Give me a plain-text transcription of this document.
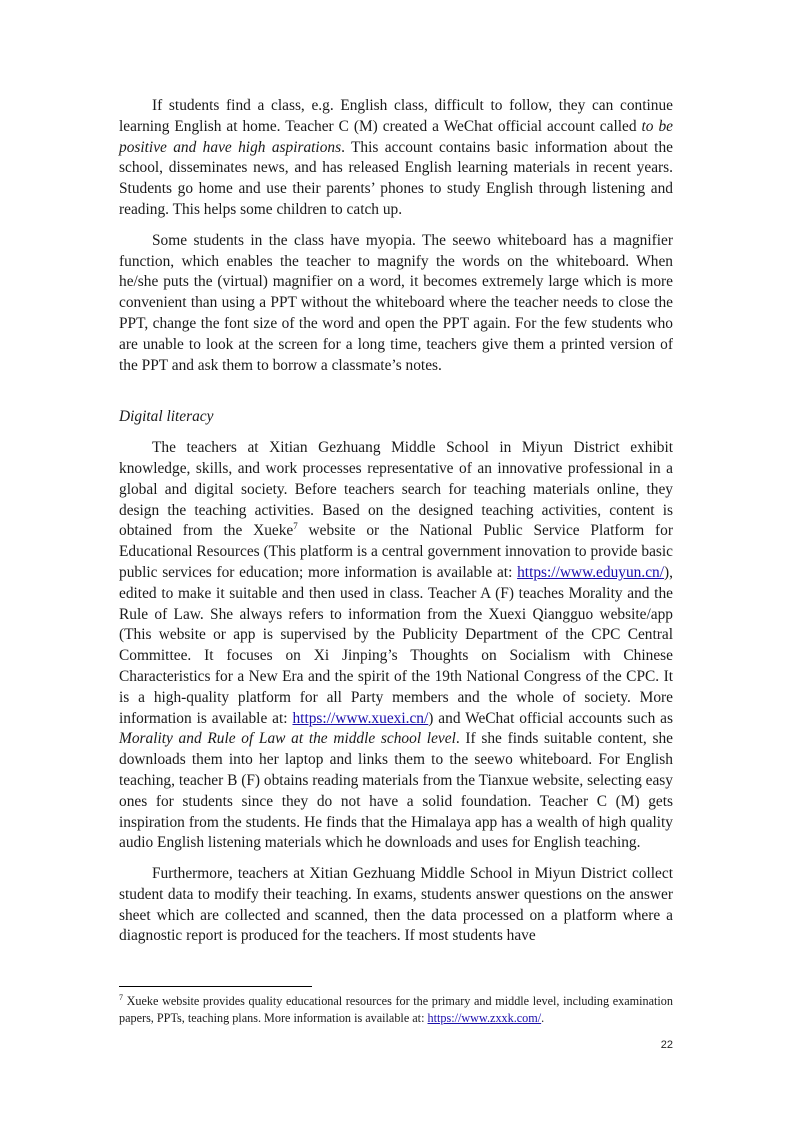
If students find a class, e.g. English class, difficult to follow, they can continue learning English at home. Teacher C (M) created a WeChat official account called to be positive and have high aspirations. This account contains basic information about the school, disseminates news, and has released English learning materials in recent years. Students go home and use their parents’ phones to study English through listening and reading. This helps some children to catch up.

Some students in the class have myopia. The seewo whiteboard has a magnifier function, which enables the teacher to magnify the words on the whiteboard. When he/she puts the (virtual) magnifier on a word, it becomes extremely large which is more convenient than using a PPT without the whiteboard where the teacher needs to close the PPT, change the font size of the word and open the PPT again. For the few students who are unable to look at the screen for a long time, teachers give them a printed version of the PPT and ask them to borrow a classmate’s notes.

Digital literacy

The teachers at Xitian Gezhuang Middle School in Miyun District exhibit knowledge, skills, and work processes representative of an innovative professional in a global and digital society. Before teachers search for teaching materials online, they design the teaching activities. Based on the designed teaching activities, content is obtained from the Xueke$^7$ website or the National Public Service Platform for Educational Resources (This platform is a central government innovation to provide basic public services for education; more information is available at: https://www.eduyun.cn/), edited to make it suitable and then used in class. Teacher A (F) teaches Morality and the Rule of Law. She always refers to information from the Xuexi Qiangguo website/app (This website or app is supervised by the Publicity Department of the CPC Central Committee. It focuses on Xi Jinping’s Thoughts on Socialism with Chinese Characteristics for a New Era and the spirit of the 19th National Congress of the CPC. It is a high-quality platform for all Party members and the whole of society. More information is available at: https://www.xuexi.cn/) and WeChat official accounts such as Morality and Rule of Law at the middle school level. If she finds suitable content, she downloads them into her laptop and links them to the seewo whiteboard. For English teaching, teacher B (F) obtains reading materials from the Tianxue website, selecting easy ones for students since they do not have a solid foundation. Teacher C (M) gets inspiration from the students. He finds that the Himalaya app has a wealth of high quality audio English listening materials which he downloads and uses for English teaching.

Furthermore, teachers at Xitian Gezhuang Middle School in Miyun District collect student data to modify their teaching. In exams, students answer questions on the answer sheet which are collected and scanned, then the data processed on a platform where a diagnostic report is produced for the teachers. If most students have

$^7$ Xueke website provides quality educational resources for the primary and middle level, including examination papers, PPTs, teaching plans. More information is available at: https://www.zxxk.com/.

22
